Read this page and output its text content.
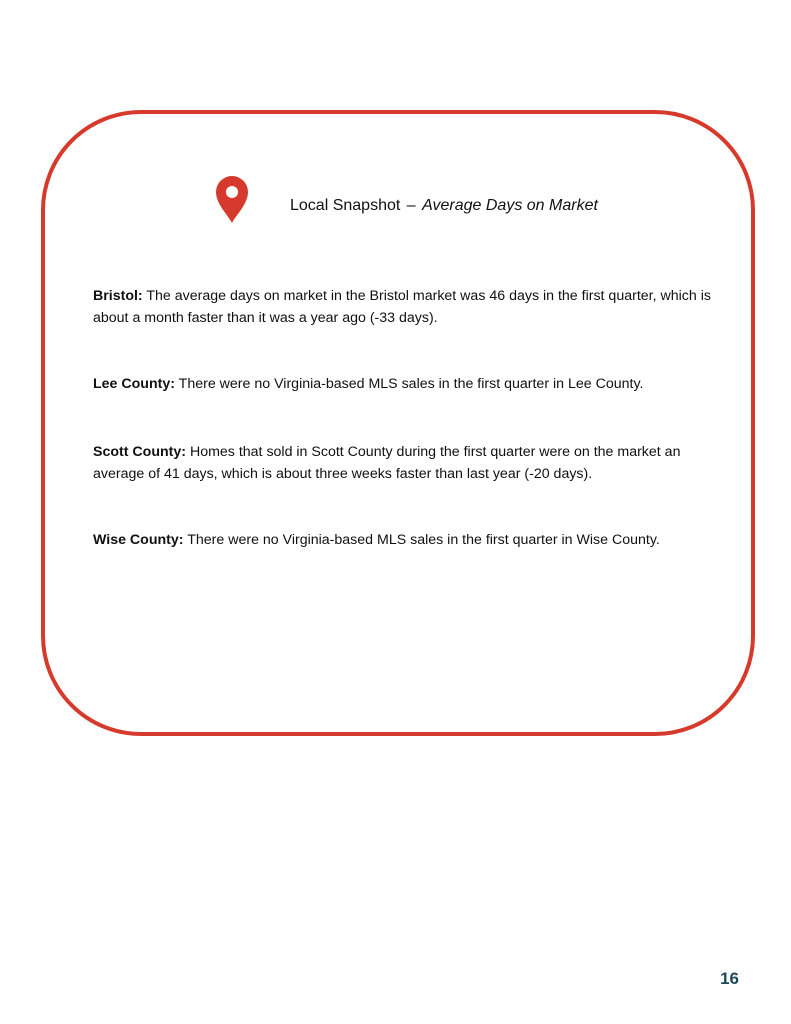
Local Snapshot – Average Days on Market

Bristol: The average days on market in the Bristol market was 46 days in the first quarter, which is about a month faster than it was a year ago (-33 days).

Lee County: There were no Virginia-based MLS sales in the first quarter in Lee County.

Scott County: Homes that sold in Scott County during the first quarter were on the market an average of 41 days, which is about three weeks faster than last year (-20 days).

Wise County: There were no Virginia-based MLS sales in the first quarter in Wise County.

16
